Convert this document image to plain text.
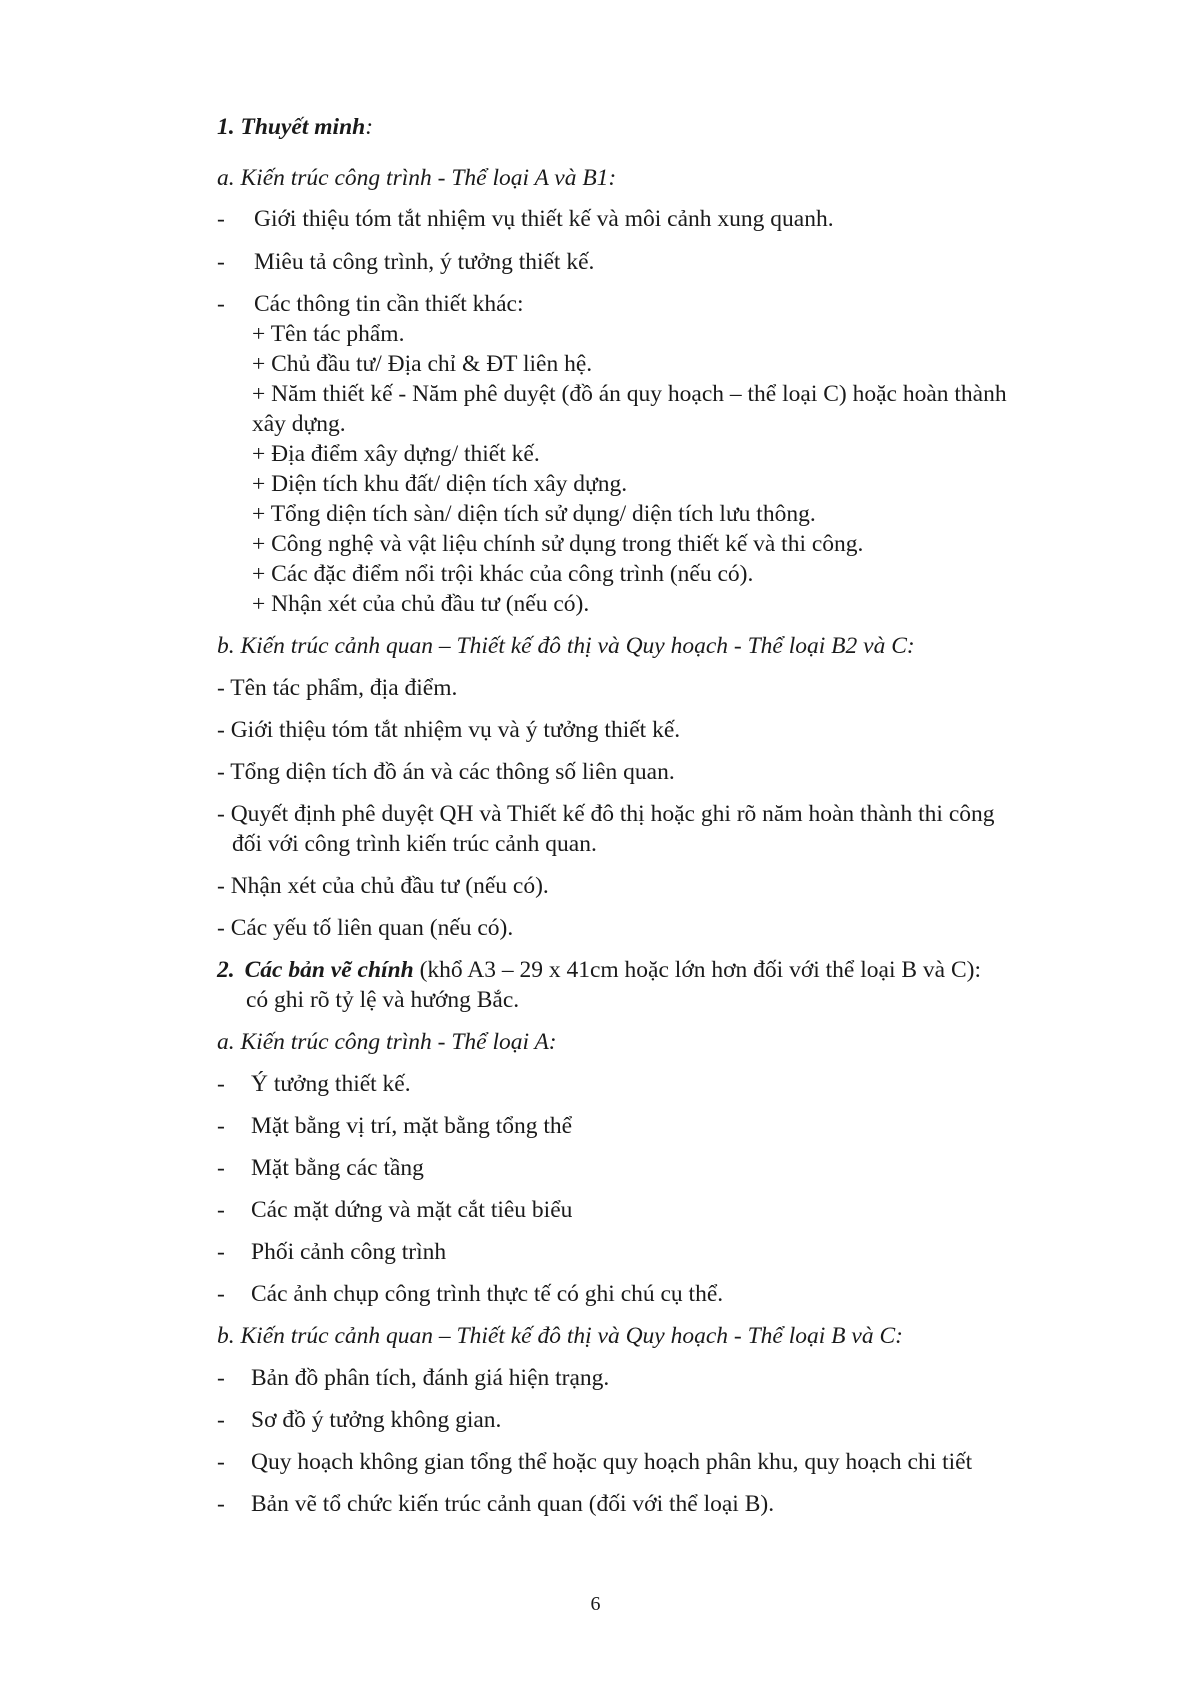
1. Thuyết minh:
a. Kiến trúc công trình - Thể loại A và B1:
- Giới thiệu tóm tắt nhiệm vụ thiết kế và môi cảnh xung quanh.
- Miêu tả công trình, ý tưởng thiết kế.
- Các thông tin cần thiết khác:
+ Tên tác phẩm.
+ Chủ đầu tư/ Địa chỉ & ĐT liên hệ.
+ Năm thiết kế - Năm phê duyệt (đồ án quy hoạch – thể loại C) hoặc hoàn thành
xây dựng.
+ Địa điểm xây dựng/ thiết kế.
+ Diện tích khu đất/ diện tích xây dựng.
+ Tổng diện tích sàn/ diện tích sử dụng/ diện tích lưu thông.
+ Công nghệ và vật liệu chính sử dụng trong thiết kế và thi công.
+ Các đặc điểm nổi trội khác của công trình (nếu có).
+ Nhận xét của chủ đầu tư (nếu có).
b. Kiến trúc cảnh quan – Thiết kế đô thị và Quy hoạch - Thể loại B2 và C:
- Tên tác phẩm, địa điểm.
- Giới thiệu tóm tắt nhiệm vụ và ý tưởng thiết kế.
- Tổng diện tích đồ án và các thông số liên quan.
- Quyết định phê duyệt QH và Thiết kế đô thị hoặc ghi rõ năm hoàn thành thi công
đối với công trình kiến trúc cảnh quan.
- Nhận xét của chủ đầu tư (nếu có).
- Các yếu tố liên quan (nếu có).
2. Các bản vẽ chính (khổ A3 – 29 x 41cm hoặc lớn hơn đối với thể loại B và C):
có ghi rõ tỷ lệ và hướng Bắc.
a. Kiến trúc công trình - Thể loại A:
- Ý tưởng thiết kế.
- Mặt bằng vị trí, mặt bằng tổng thể
- Mặt bằng các tầng
- Các mặt dứng và mặt cắt tiêu biểu
- Phối cảnh công trình
- Các ảnh chụp công trình thực tế có ghi chú cụ thể.
b. Kiến trúc cảnh quan – Thiết kế đô thị và Quy hoạch - Thể loại B và C:
- Bản đồ phân tích, đánh giá hiện trạng.
- Sơ đồ ý tưởng không gian.
- Quy hoạch không gian tổng thể hoặc quy hoạch phân khu, quy hoạch chi tiết
- Bản vẽ tổ chức kiến trúc cảnh quan (đối với thể loại B).
6
